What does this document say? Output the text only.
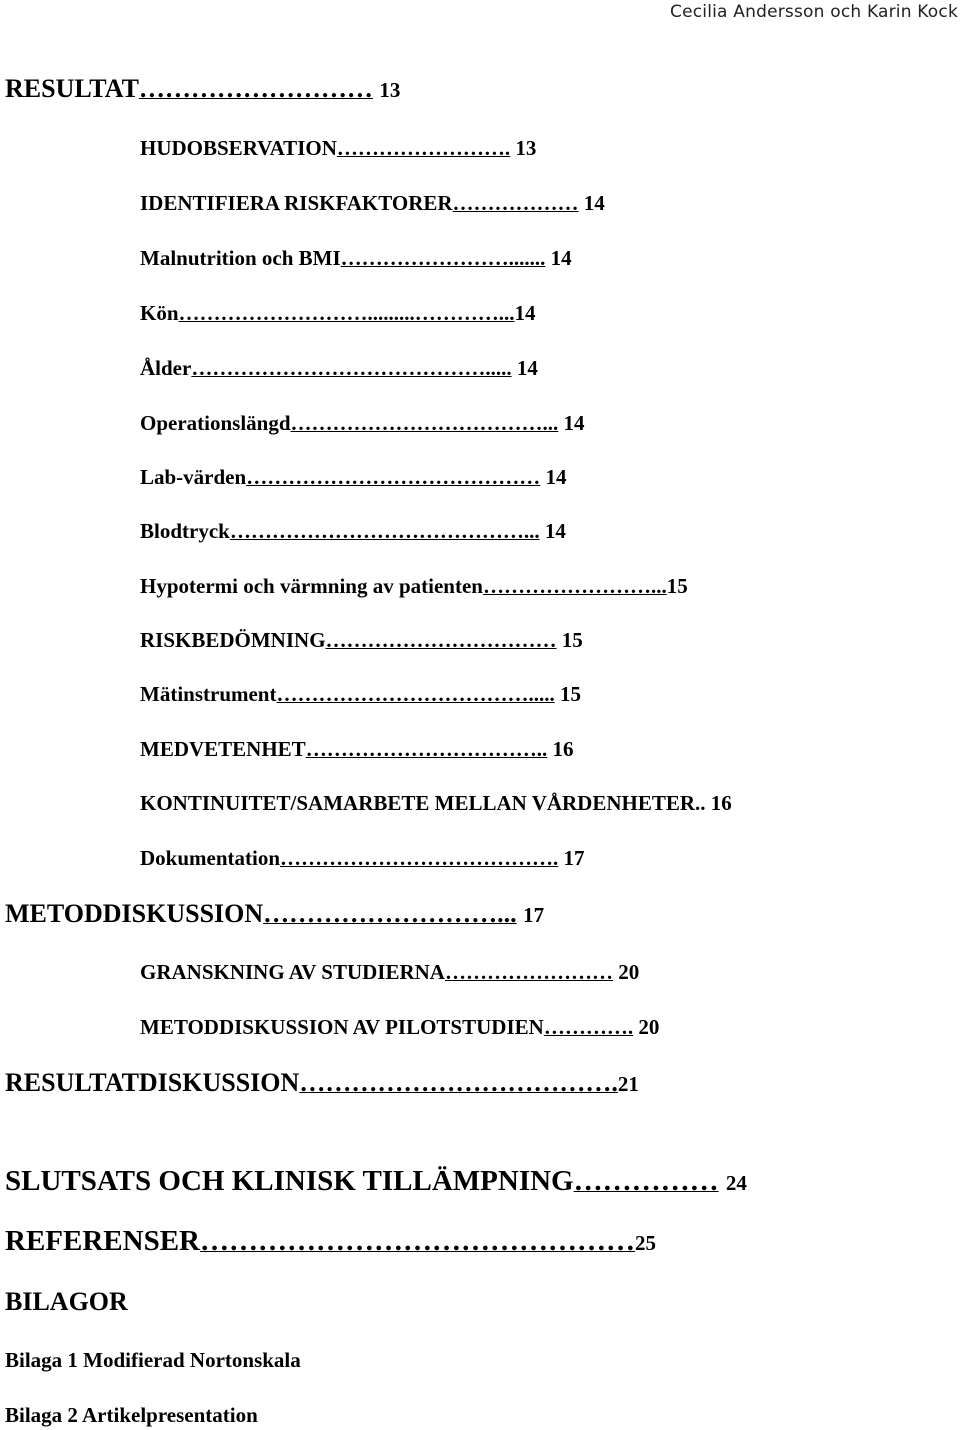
Cecilia Andersson och Karin Kock
RESULTAT……………………… 13
HUDOBSERVATION……………………. 13
IDENTIFIERA RISKFAKTORER……………… 14
Malnutrition och BMI……………………....... 14
Kön……………………….........…………...14
Ålder……………………………………..... 14
Operationslängd………………………………... 14
Lab-värden…………………………………… 14
Blodtryck……………………………………... 14
Hypotermi och värmning av patienten……………………...15
RISKBEDÖMNING…………………………… 15
Mätinstrument………………………………..... 15
MEDVETENHET…………………………….. 16
KONTINUITET/SAMARBETE MELLAN VÅRDENHETER.. 16
Dokumentation…………………………………. 17
METODDISKUSSION………………………... 17
GRANSKNING AV STUDIERNA…………………… 20
METODDISKUSSION AV PILOTSTUDIEN…………. 20
RESULTATDISKUSSION……………………………….21
SLUTSATS OCH KLINISK TILLÄMPNING…………… 24
REFERENSER………………………………………25
BILAGOR
Bilaga 1 Modifierad Nortonskala
Bilaga 2 Artikelpresentation
